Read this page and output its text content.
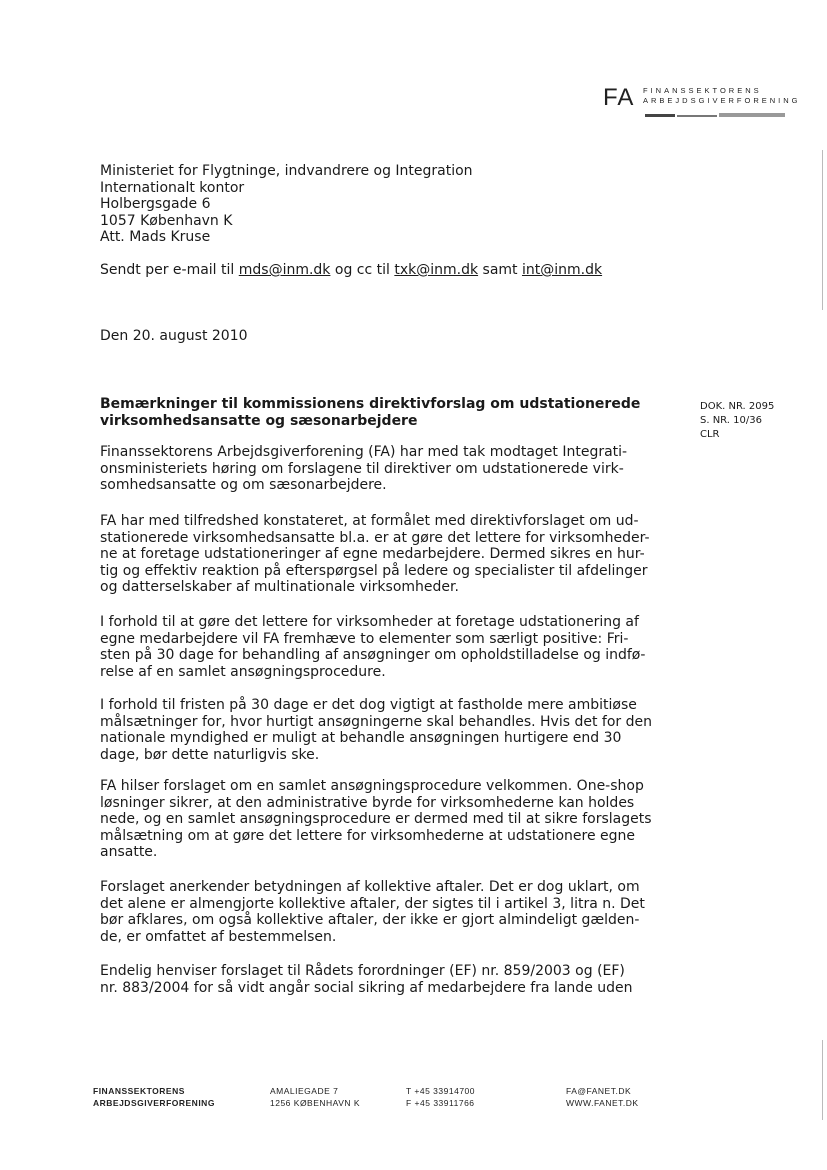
FA FINANSSEKTORENS
ARBEJDSGIVERFORENING
Ministeriet for Flygtninge, indvandrere og Integration
Internationalt kontor
Holbergsgade 6
1057 København K
Att. Mads Kruse
Sendt per e-mail til mds@inm.dk og cc til txk@inm.dk samt int@inm.dk
Den 20. august 2010
Bemærkninger til kommissionens direktivforslag om udstationerede
virksomhedsansatte og sæsonarbejdere
DOK. NR. 2095
S. NR. 10/36
CLR
Finanssektorens Arbejdsgiverforening (FA) har med tak modtaget Integrati-
onsministeriets høring om forslagene til direktiver om udstationerede virk-
somhedsansatte og om sæsonarbejdere.
FA har med tilfredshed konstateret, at formålet med direktivforslaget om ud-
stationerede virksomhedsansatte bl.a. er at gøre det lettere for virksomheder-
ne at foretage udstationeringer af egne medarbejdere. Dermed sikres en hur-
tig og effektiv reaktion på efterspørgsel på ledere og specialister til afdelinger
og datterselskaber af multinationale virksomheder.
I forhold til at gøre det lettere for virksomheder at foretage udstationering af
egne medarbejdere vil FA fremhæve to elementer som særligt positive: Fri-
sten på 30 dage for behandling af ansøgninger om opholdstilladelse og indfø-
relse af en samlet ansøgningsprocedure.
I forhold til fristen på 30 dage er det dog vigtigt at fastholde mere ambitiøse
målsætninger for, hvor hurtigt ansøgningerne skal behandles. Hvis det for den
nationale myndighed er muligt at behandle ansøgningen hurtigere end 30
dage, bør dette naturligvis ske.
FA hilser forslaget om en samlet ansøgningsprocedure velkommen. One-shop
løsninger sikrer, at den administrative byrde for virksomhederne kan holdes
nede, og en samlet ansøgningsprocedure er dermed med til at sikre forslagets
målsætning om at gøre det lettere for virksomhederne at udstationere egne
ansatte.
Forslaget anerkender betydningen af kollektive aftaler. Det er dog uklart, om
det alene er almengjorte kollektive aftaler, der sigtes til i artikel 3, litra n. Det
bør afklares, om også kollektive aftaler, der ikke er gjort almindeligt gælden-
de, er omfattet af bestemmelsen.
Endelig henviser forslaget til Rådets forordninger (EF) nr. 859/2003 og (EF)
nr. 883/2004 for så vidt angår social sikring af medarbejdere fra lande uden
FINANSSEKTORENS
ARBEJDSGIVERFORENING
AMALIEGADE 7
1256 KØBENHAVN K
T +45 33914700
F +45 33911766
FA@FANET.DK
WWW.FANET.DK
